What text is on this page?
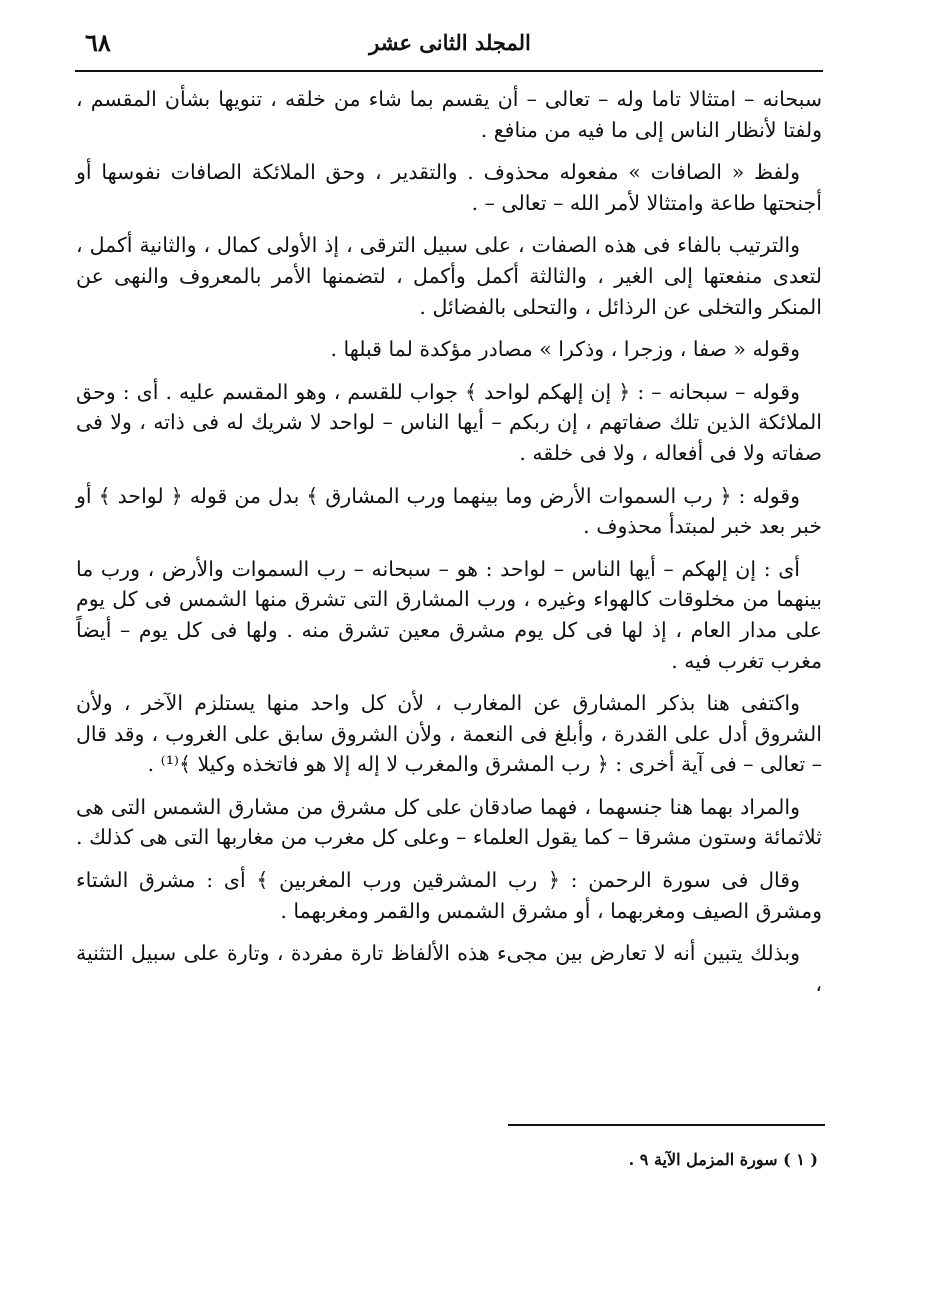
٦٨	المجلد الثانى عشر

سبحانه – امتثالا تاما وله – تعالى – أن يقسم بما شاء من خلقه ، تنويها بشأن المقسم ، ولفتا لأنظار الناس إلى ما فيه من منافع .

ولفظ « الصافات » مفعوله محذوف . والتقدير ، وحق الملائكة الصافات نفوسها أو أجنحتها طاعة وامتثالا لأمر الله – تعالى – .

والترتيب بالفاء فى هذه الصفات ، على سبيل الترقى ، إذ الأولى كمال ، والثانية أكمل ، لتعدى منفعتها إلى الغير ، والثالثة أكمل وأكمل ، لتضمنها الأمر بالمعروف والنهى عن المنكر والتخلى عن الرذائل ، والتحلى بالفضائل .

وقوله « صفا ، وزجرا ، وذكرا » مصادر مؤكدة لما قبلها .

وقوله – سبحانه – : ﴿ إن إلهكم لواحد ﴾ جواب للقسم ، وهو المقسم عليه . أى : وحق الملائكة الذين تلك صفاتهم ، إن ربكم – أيها الناس – لواحد لا شريك له فى ذاته ، ولا فى صفاته ولا فى أفعاله ، ولا فى خلقه .

وقوله : ﴿ رب السموات الأرض وما بينهما ورب المشارق ﴾ بدل من قوله ﴿ لواحد ﴾ أو خبر بعد خبر لمبتدأ محذوف .

أى : إن إلهكم – أيها الناس – لواحد : هو – سبحانه – رب السموات والأرض ، ورب ما بينهما من مخلوقات كالهواء وغيره ، ورب المشارق التى تشرق منها الشمس فى كل يوم على مدار العام ، إذ لها فى كل يوم مشرق معين تشرق منه . ولها فى كل يوم – أيضاً مغرب تغرب فيه .

واكتفى هنا بذكر المشارق عن المغارب ، لأن كل واحد منها يستلزم الآخر ، ولأن الشروق أدل على القدرة ، وأبلغ فى النعمة ، ولأن الشروق سابق على الغروب ، وقد قال – تعالى – فى آية أخرى : ﴿ رب المشرق والمغرب لا إله إلا هو فاتخذه وكيلا ﴾⁽¹⁾ .

والمراد بهما هنا جنسهما ، فهما صادقان على كل مشرق من مشارق الشمس التى هى ثلاثمائة وستون مشرقا – كما يقول العلماء – وعلى كل مغرب من مغاربها التى هى كذلك .

وقال فى سورة الرحمن : ﴿ رب المشرقين ورب المغربين ﴾ أى : مشرق الشتاء ومشرق الصيف ومغربهما ، أو مشرق الشمس والقمر ومغربهما .

وبذلك يتبين أنه لا تعارض بين مجىء هذه الألفاظ تارة مفردة ، وتارة على سبيل التثنية ،

( ١ ) سورة المزمل الآية ٩ .
